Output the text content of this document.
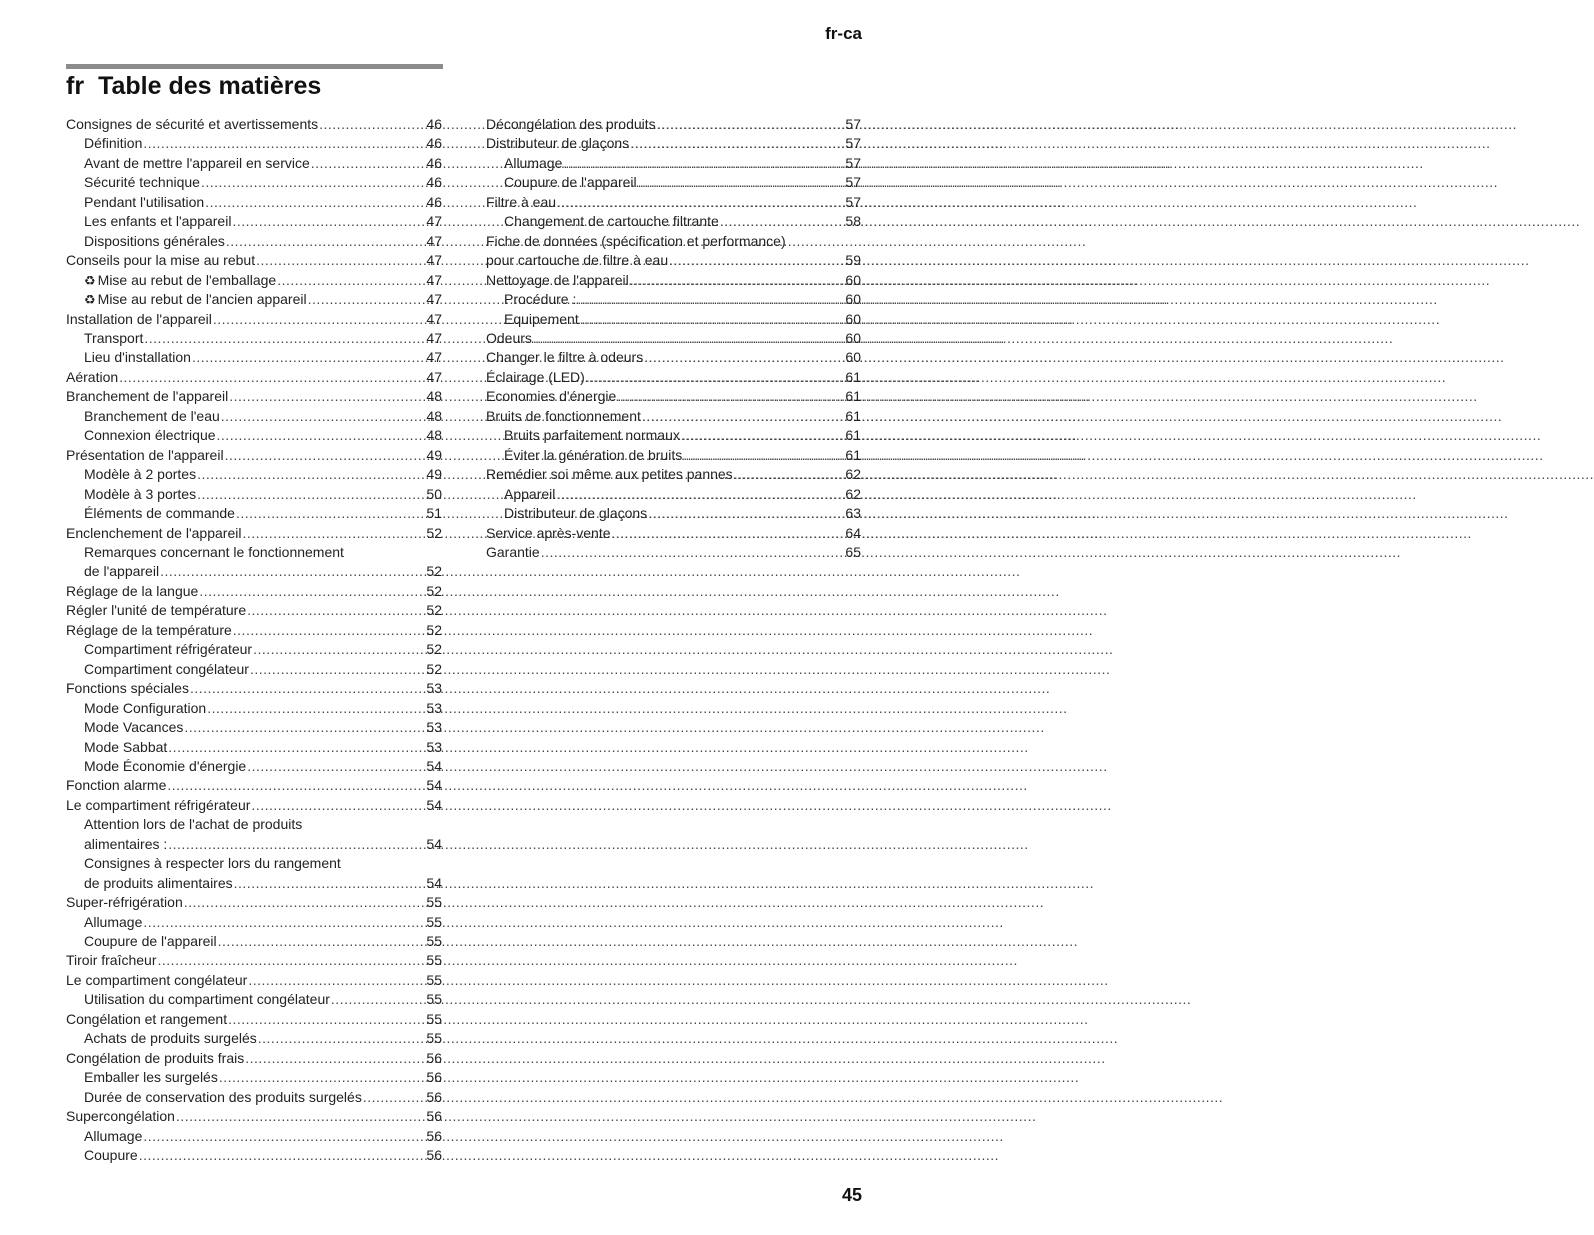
fr-ca
fr Table des matières
Consignes de sécurité et avertissements .....	46
Définition .....	46
Avant de mettre l'appareil en service .....	46
Sécurité technique .....	46
Pendant l'utilisation .....	46
Les enfants et l'appareil .....	47
Dispositions générales .....	47
Conseils pour la mise au rebut .....	47
♻ Mise au rebut de l'emballage .....	47
♻ Mise au rebut de l'ancien appareil .....	47
Installation de l'appareil .....	47
Transport .....	47
Lieu d'installation .....	47
Aération .....	47
Branchement de l'appareil .....	48
Branchement de l'eau .....	48
Connexion électrique .....	48
Présentation de l'appareil .....	49
Modèle à 2 portes .....	49
Modèle à 3 portes .....	50
Éléments de commande .....	51
Enclenchement de l'appareil .....	52
Remarques concernant le fonctionnement
de l'appareil .....	52
Réglage de la langue .....	52
Régler l'unité de température .....	52
Réglage de la température .....	52
Compartiment réfrigérateur .....	52
Compartiment congélateur .....	52
Fonctions spéciales .....	53
Mode Configuration .....	53
Mode Vacances .....	53
Mode Sabbat .....	53
Mode Économie d'énergie .....	54
Fonction alarme .....	54
Le compartiment réfrigérateur .....	54
Attention lors de l'achat de produits
alimentaires : .....	54
Consignes à respecter lors du rangement
de produits alimentaires .....	54
Super-réfrigération .....	55
Allumage .....	55
Coupure de l'appareil .....	55
Tiroir fraîcheur .....	55
Le compartiment congélateur .....	55
Utilisation du compartiment congélateur .....	55
Congélation et rangement .....	55
Achats de produits surgelés .....	55
Congélation de produits frais .....	56
Emballer les surgelés .....	56
Durée de conservation des produits surgelés .....	56
Supercongélation .....	56
Allumage .....	56
Coupure .....	56
Décongélation des produits .....	57
Distributeur de glaçons .....	57
Allumage .....	57
Coupure de l'appareil .....	57
Filtre à eau .....	57
Changement de cartouche filtrante .....	58
Fiche de données (spécification et performance)
pour cartouche de filtre à eau .....	59
Nettoyage de l'appareil .....	60
Procédure : .....	60
Equipement .....	60
Odeurs .....	60
Changer le filtre à odeurs .....	60
Éclairage (LED) .....	61
Economies d'énergie .....	61
Bruits de fonctionnement .....	61
Bruits parfaitement normaux .....	61
Éviter la génération de bruits .....	61
Remédier soi même aux petites pannes .....	62
Appareil .....	62
Distributeur de glaçons .....	63
Service après-vente .....	64
Garantie .....	65
45
